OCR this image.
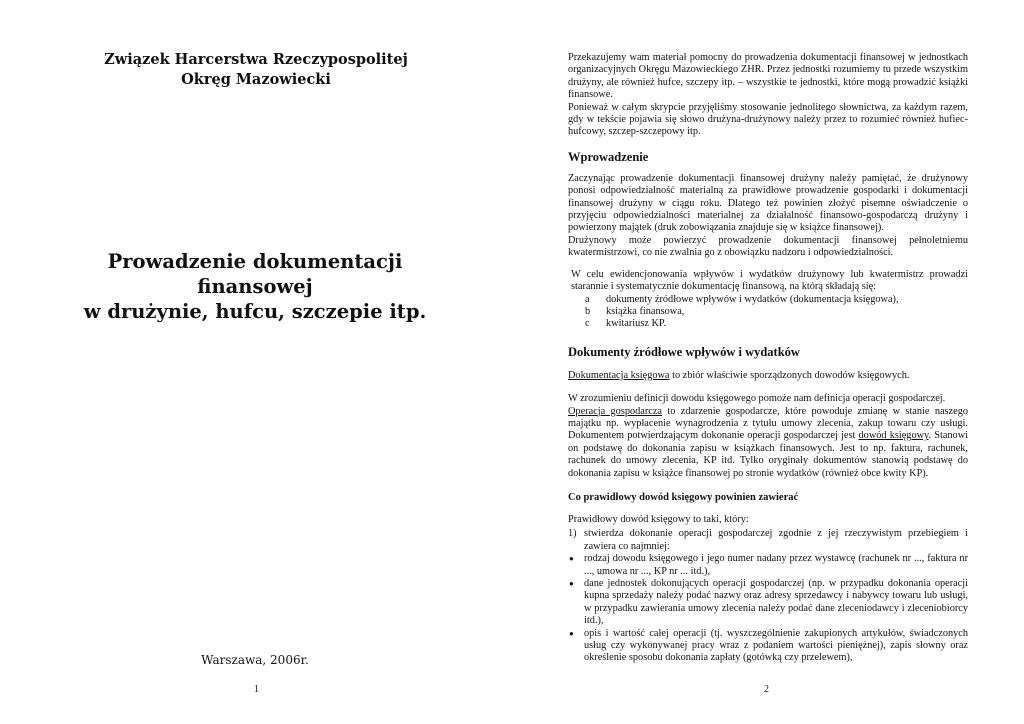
Związek Harcerstwa Rzeczypospolitej
Okręg Mazowiecki
Prowadzenie dokumentacji
finansowej
w drużynie, hufcu, szczepie itp.
Warszawa, 2006r.
1

Przekazujemy wam materiał pomocny do prowadzenia dokumentacji finansowej w jednostkach organizacyjnych Okręgu Mazowieckiego ZHR. Przez jednostki rozumiemy tu przede wszystkim drużyny, ale również hufce, szczepy itp. – wszystkie te jednostki, które mogą prowadzić książki finansowe.

Ponieważ w całym skrypcie przyjęliśmy stosowanie jednolitego słownictwa, za każdym razem, gdy w tekście pojawia się słowo drużyna-drużynowy należy przez to rozumieć również hufiec-hufcowy, szczep-szczepowy itp.

Wprowadzenie

Zaczynając prowadzenie dokumentacji finansowej drużyny należy pamiętać, że drużynowy ponosi odpowiedzialność materialną za prawidłowe prowadzenie gospodarki i dokumentacji finansowej drużyny w ciągu roku. Dlatego też powinien złożyć pisemne oświadczenie o przyjęciu odpowiedzialności materialnej za działalność finansowo-gospodarczą drużyny i powierzony majątek (druk zobowiązania znajduje się w książce finansowej).

Drużynowy może powierzyć prowadzenie dokumentacji finansowej pełnoletniemu kwatermistrzowi, co nie zwalnia go z obowiązku nadzoru i odpowiedzialności.

W celu ewidencjonowania wpływów i wydatków drużynowy lub kwatermistrz prowadzi starannie i systematycznie dokumentację finansową, na którą składają się:

a	dokumenty źródłowe wpływów i wydatków (dokumentacja księgowa),
b	książka finansowa,
c	kwitariusz KP.
Dokumenty źródłowe wpływów i wydatków

Dokumentacja księgowa to zbiór właściwie sporządzonych dowodów księgowych.

W zrozumieniu definicji dowodu księgowego pomoże nam definicja operacji gospodarczej.

Operacja gospodarcza to zdarzenie gospodarcze, które powoduje zmianę w stanie naszego majątku np. wypłacenie wynagrodzenia z tytułu umowy zlecenia, zakup towaru czy usługi. Dokumentem potwierdzającym dokonanie operacji gospodarczej jest dowód księgowy. Stanowi on podstawę do dokonania zapisu w książkach finansowych. Jest to np. faktura, rachunek, rachunek do umowy zlecenia, KP itd. Tylko oryginały dokumentów stanowią podstawę do dokonania zapisu w książce finansowej po stronie wydatków (również obce kwity KP).

Co prawidłowy dowód księgowy powinien zawierać

Prawidłowy dowód księgowy to taki, który:

1) stwierdza dokonanie operacji gospodarczej zgodnie z jej rzeczywistym przebiegiem i zawiera co najmniej:
● rodzaj dowodu księgowego i jego numer nadany przez wystawcę (rachunek nr ..., faktura nr ..., umowa nr ..., KP nr ... itd.),
● dane jednostek dokonujących operacji gospodarczej (np. w przypadku dokonania operacji kupna sprzedaży należy podać nazwy oraz adresy sprzedawcy i nabywcy towaru lub usługi, w przypadku zawierania umowy zlecenia należy podać dane zleceniodawcy i zleceniobiorcy itd.),
● opis i wartość całej operacji (tj. wyszczególnienie zakupionych artykułów, świadczonych usług czy wykonywanej pracy wraz z podaniem wartości pieniężnej), zapis słowny oraz określenie sposobu dokonania zapłaty (gotówką czy przelewem),
2
